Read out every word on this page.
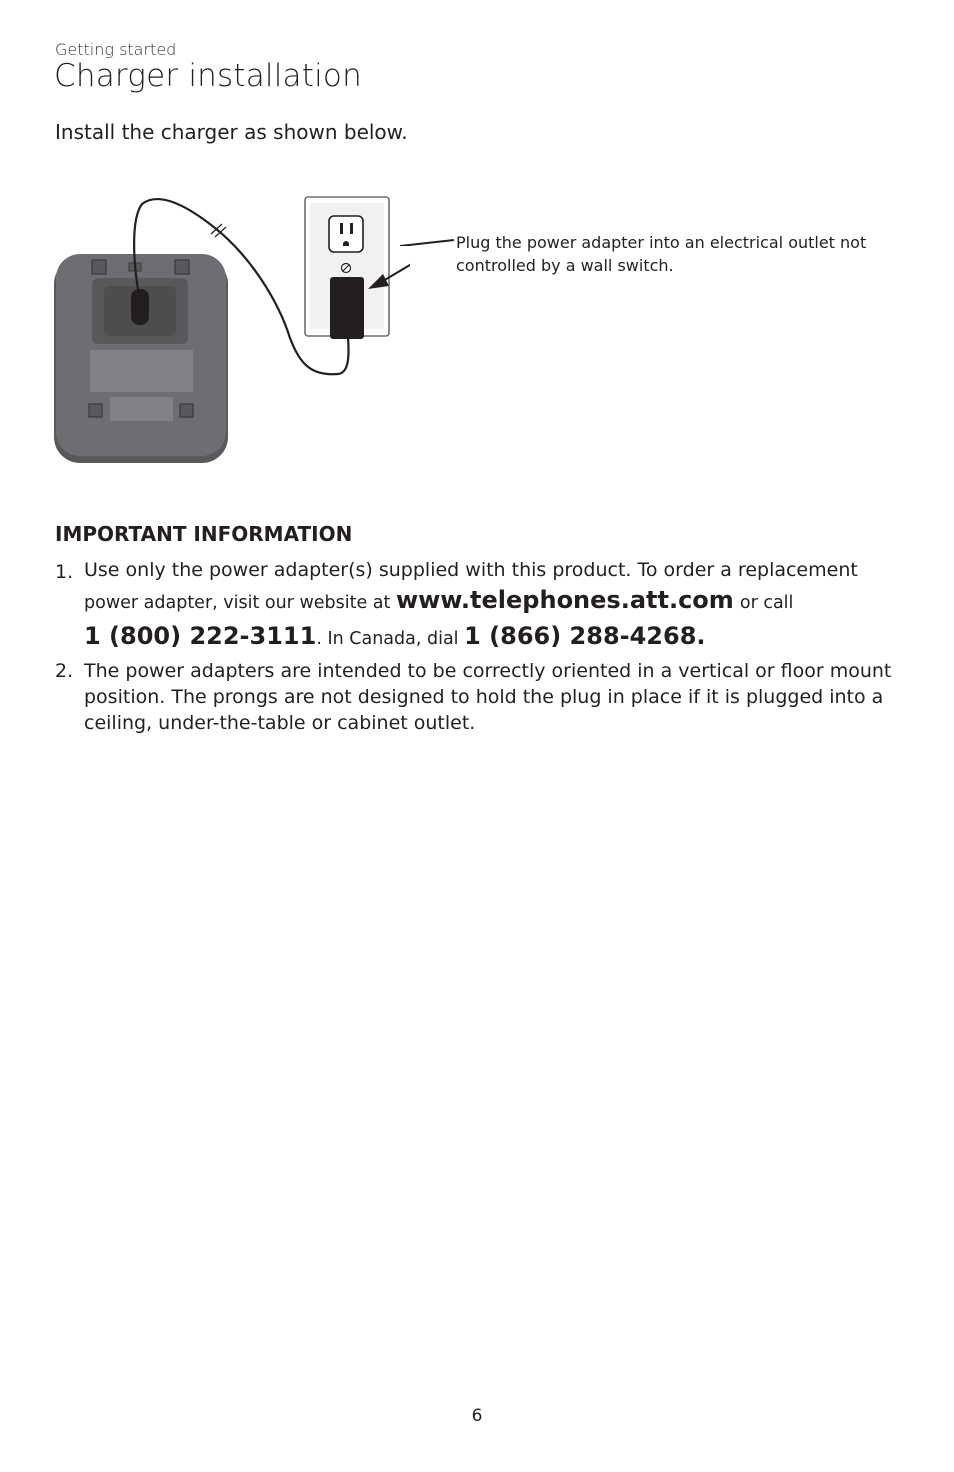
Getting started
Charger installation
Install the charger as shown below.
Plug the power adapter into an electrical outlet not controlled by a wall switch.
IMPORTANT INFORMATION
1. Use only the power adapter(s) supplied with this product. To order a replacement
power adapter, visit our website at www.telephones.att.com or call
1 (800) 222-3111. In Canada, dial 1 (866) 288-4268.
2. The power adapters are intended to be correctly oriented in a vertical or floor mount position. The prongs are not designed to hold the plug in place if it is plugged into a ceiling, under-the-table or cabinet outlet.
6
